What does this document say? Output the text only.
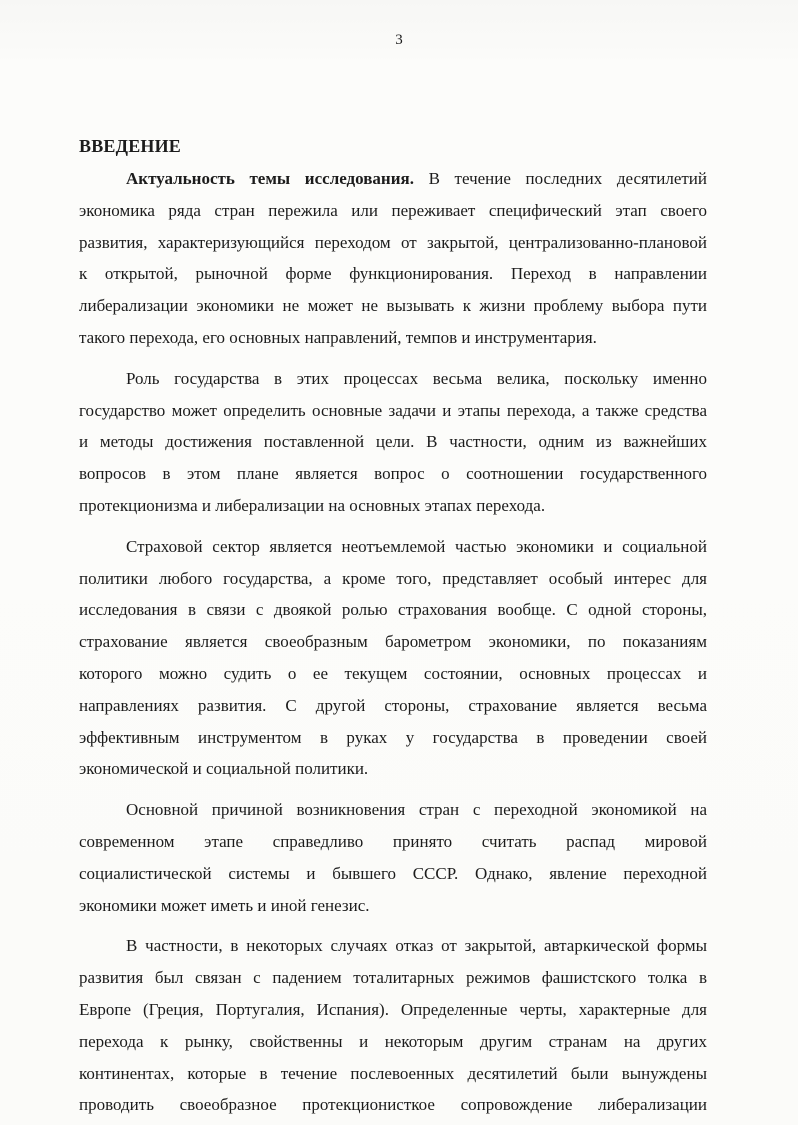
3
ВВЕДЕНИЕ

Актуальность темы исследования. В течение последних десятилетий
экономика ряда стран пережила или переживает специфический этап своего
развития, характеризующийся переходом от закрытой, централизованно-плановой
к открытой, рыночной форме функционирования. Переход в направлении
либерализации экономики не может не вызывать к жизни проблему выбора пути
такого перехода, его основных направлений, темпов и инструментария.

Роль государства в этих процессах весьма велика, поскольку именно
государство может определить основные задачи и этапы перехода, а также средства
и методы достижения поставленной цели. В частности, одним из важнейших
вопросов в этом плане является вопрос о соотношении государственного
протекционизма и либерализации на основных этапах перехода.

Страховой сектор является неотъемлемой частью экономики и социальной
политики любого государства, а кроме того, представляет особый интерес для
исследования в связи с двоякой ролью страхования вообще. С одной стороны,
страхование является своеобразным барометром экономики, по показаниям
которого можно судить о ее текущем состоянии, основных процессах и
направлениях развития. С другой стороны, страхование является весьма
эффективным инструментом в руках у государства в проведении своей
экономической и социальной политики.

Основной причиной возникновения стран с переходной экономикой на
современном этапе справедливо принято считать распад мировой
социалистической системы и бывшего СССР. Однако, явление переходной
экономики может иметь и иной генезис.

В частности, в некоторых случаях отказ от закрытой, автаркической формы
развития был связан с падением тоталитарных режимов фашистского толка в
Европе (Греция, Португалия, Испания). Определенные черты, характерные для
перехода к рынку, свойственны и некоторым другим странам на других
континентах, которые в течение послевоенных десятилетий были вынуждены
проводить своеобразное протекционисткое сопровождение либерализации
